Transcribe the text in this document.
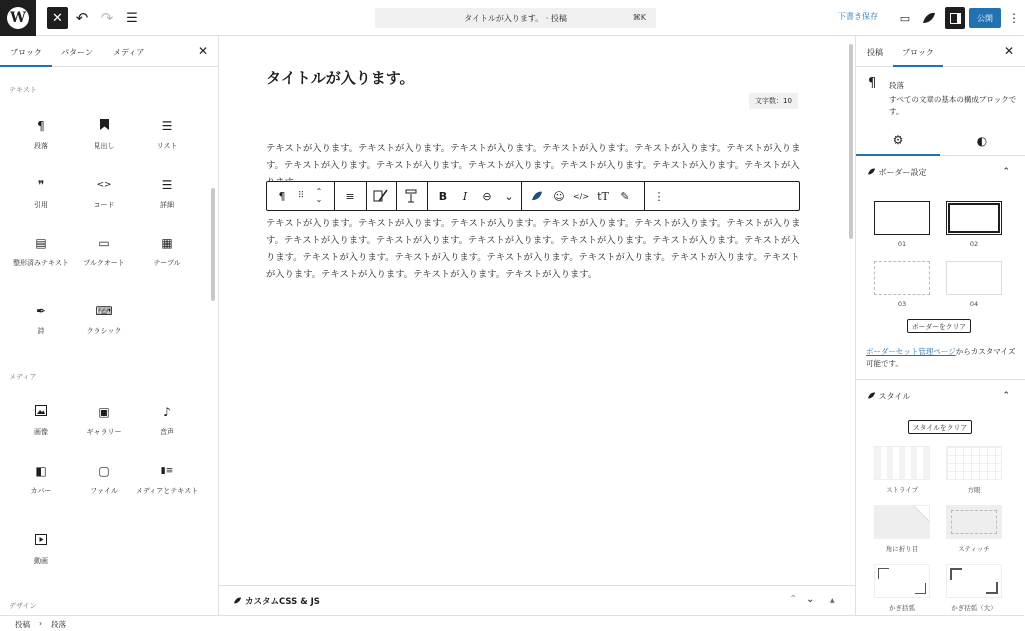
W	✕ ↶ ↷ ☰	タイトルが入ります。 · 投稿	⌘K	下書き保存 ▭	公開	⋮
ブロック パターン	メディア	✕
テキスト
¶
段落	見出し
☰
リスト
❞
引用
<>
コード
☰
詳細
▤
整形済みテキスト
▭
プルクオート
▦
テーブル
✒
詩
⌨
クラシック
メディア
画像
▣
ギャラリー
♪
音声
◧
カバー
▢
ファイル
▮≡
メディアとテキスト
動画
デザイン
タイトルが入ります。
文字数：10
テキストが入ります。テキストが入ります。テキストが入ります。テキストが入ります。テキストが入ります。テキストが入ります。テキストが入ります。テキストが入ります。テキストが入ります。テキストが入ります。テキストが入ります。テキストが入
¶	⠿	⌃
⌄	≡	B	I	⊖	⌄	☺	</> tT	✎	⋮
テキストが入ります。テキストが入ります。テキストが入ります。テキストが入ります。テキストが入ります。テキストが入ります。テキストが入ります。テキストが入ります。テキストが入ります。テキストが入ります。テキストが入ります。テキストが入ります。テキストが入ります。テキストが入ります。テキストが入ります。テキストが入ります。テキストが入ります。テキストが入ります。テキストが入ります。テキストが入ります。テキストが入ります。
カスタムCSS & JS	⌃ ⌄	▲
投稿 ブロック	✕
¶ 段落
すべての文章の基本の構成ブロックです。
⚙	◐
ボーダー設定	⌃
01	02
03	04
ボーダーをクリア
ボーダーセット管理ページからカスタマイズ可能です。
スタイル	⌃
スタイルをクリア
ストライプ	方眼
角に折り目	スティッチ
かぎ括弧	かぎ括弧（大）
投稿 › 段落
